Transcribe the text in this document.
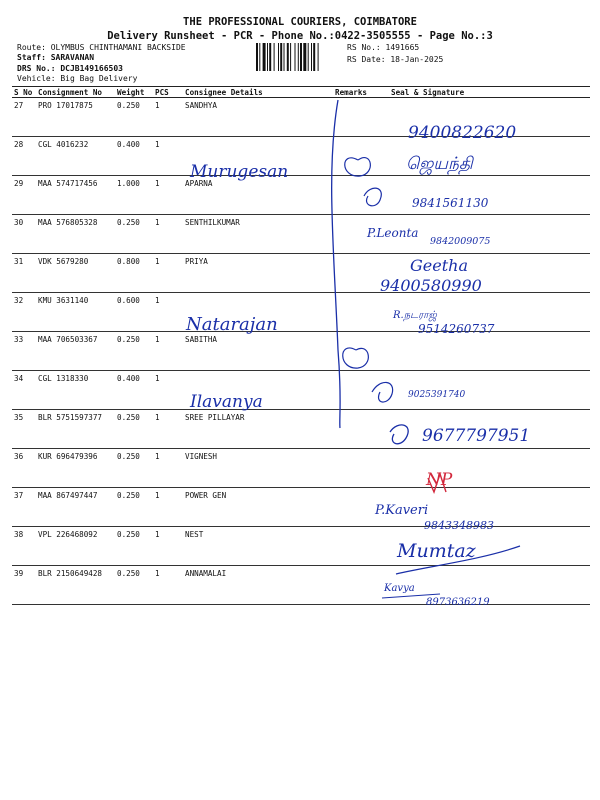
THE PROFESSIONAL COURIERS, COIMBATORE
Delivery Runsheet - PCR - Phone No.:0422-3505555 - Page No.:3
Route: OLYMBUS CHINTHAMANI BACKSIDE
Staff: SARAVANAN
DRS No.: DCJB149166503
Vehicle: Big Bag Delivery
RS No.: 1491665
RS Date: 18-Jan-2025
S No	Consignment No	Weight	PCS	Consignee Details	Remarks	Seal & Signature
27	PRO 17017875	0.250	1	SANDHYA		
28	CGL 4016232	0.400	1			
29	MAA 574717456	1.000	1	APARNA		
30	MAA 576805328	0.250	1	SENTHILKUMAR		
31	VDK 5679280	0.800	1	PRIYA		
32	KMU 3631140	0.600	1			
33	MAA 706503367	0.250	1	SABITHA		
34	CGL 1318330	0.400	1			
35	BLR 5751597377	0.250	1	SREE PILLAYAR		
36	KUR 696479396	0.250	1	VIGNESH		
37	MAA 867497447	0.250	1	POWER GEN		
38	VPL 226468092	0.250	1	NEST		
39	BLR 2150649428	0.250	1	ANNAMALAI		
9400822620
Murugesan	ஜெயந்தி
9841561130
P.Leonta
9842009075
Geetha
9400580990
Natarajan	R.நடராஜ்
9514260737
Ilavanya	9025391740
9677797951
NP
P.Kaveri
9843348983
Mumtaz
Kavya
8973636219
